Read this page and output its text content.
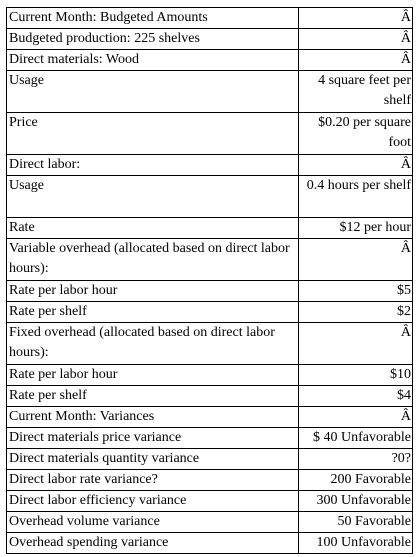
Current Month: Budgeted Amounts	Â
Budgeted production: 225 shelves	Â
Direct materials: Wood	Â
Usage	4 square feet per shelf
Price	$0.20 per square foot
Direct labor:	Â
Usage	0.4 hours per shelf
Rate	$12 per hour
Variable overhead (allocated based on direct labor hours):	Â
Rate per labor hour	$5
Rate per shelf	$2
Fixed overhead (allocated based on direct labor hours):	Â
Rate per labor hour	$10
Rate per shelf	$4
Current Month: Variances	Â
Direct materials price variance	$ 40 Unfavorable
Direct materials quantity variance	?0?
Direct labor rate variance?	200 Favorable
Direct labor efficiency variance	300 Unfavorable
Overhead volume variance	50 Favorable
Overhead spending variance	100 Unfavorable
